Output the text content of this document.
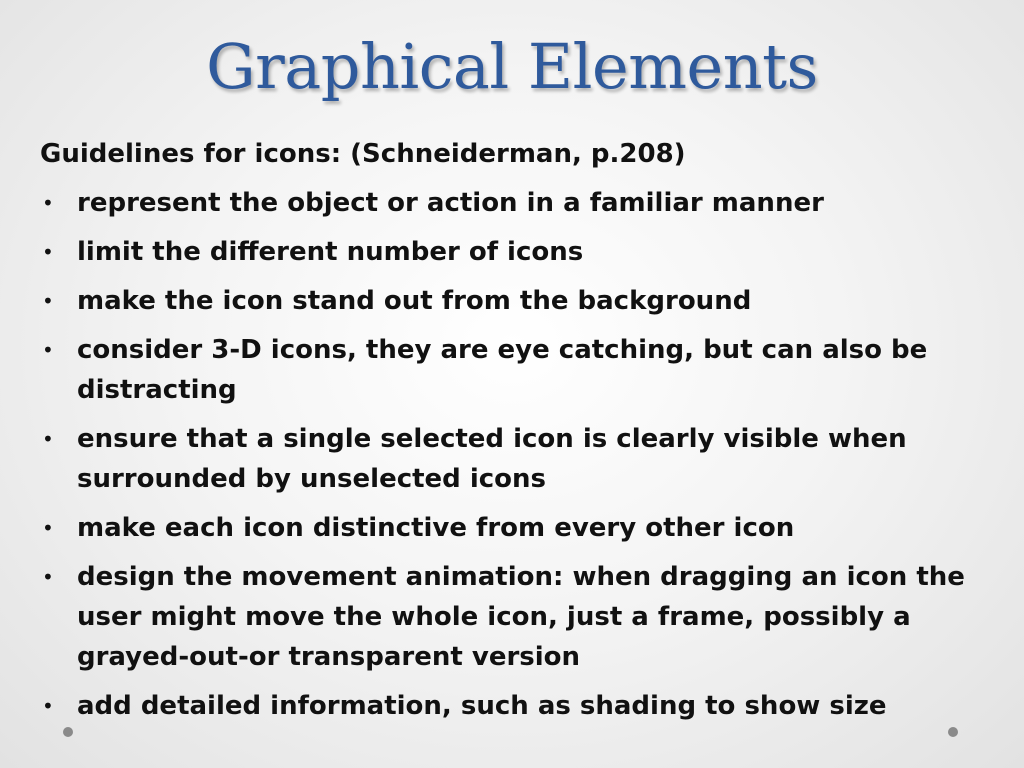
Graphical Elements

Guidelines for icons: (Schneiderman, p.208)

• represent the object or action in a familiar manner
• limit the different number of icons
• make the icon stand out from the background
• consider 3-D icons, they are eye catching, but can also be distracting
• ensure that a single selected icon is clearly visible when surrounded by unselected icons
• make each icon distinctive from every other icon
• design the movement animation: when dragging an icon the user might move the whole icon, just a frame, possibly a grayed-out-or transparent version
• add detailed information, such as shading to show size
